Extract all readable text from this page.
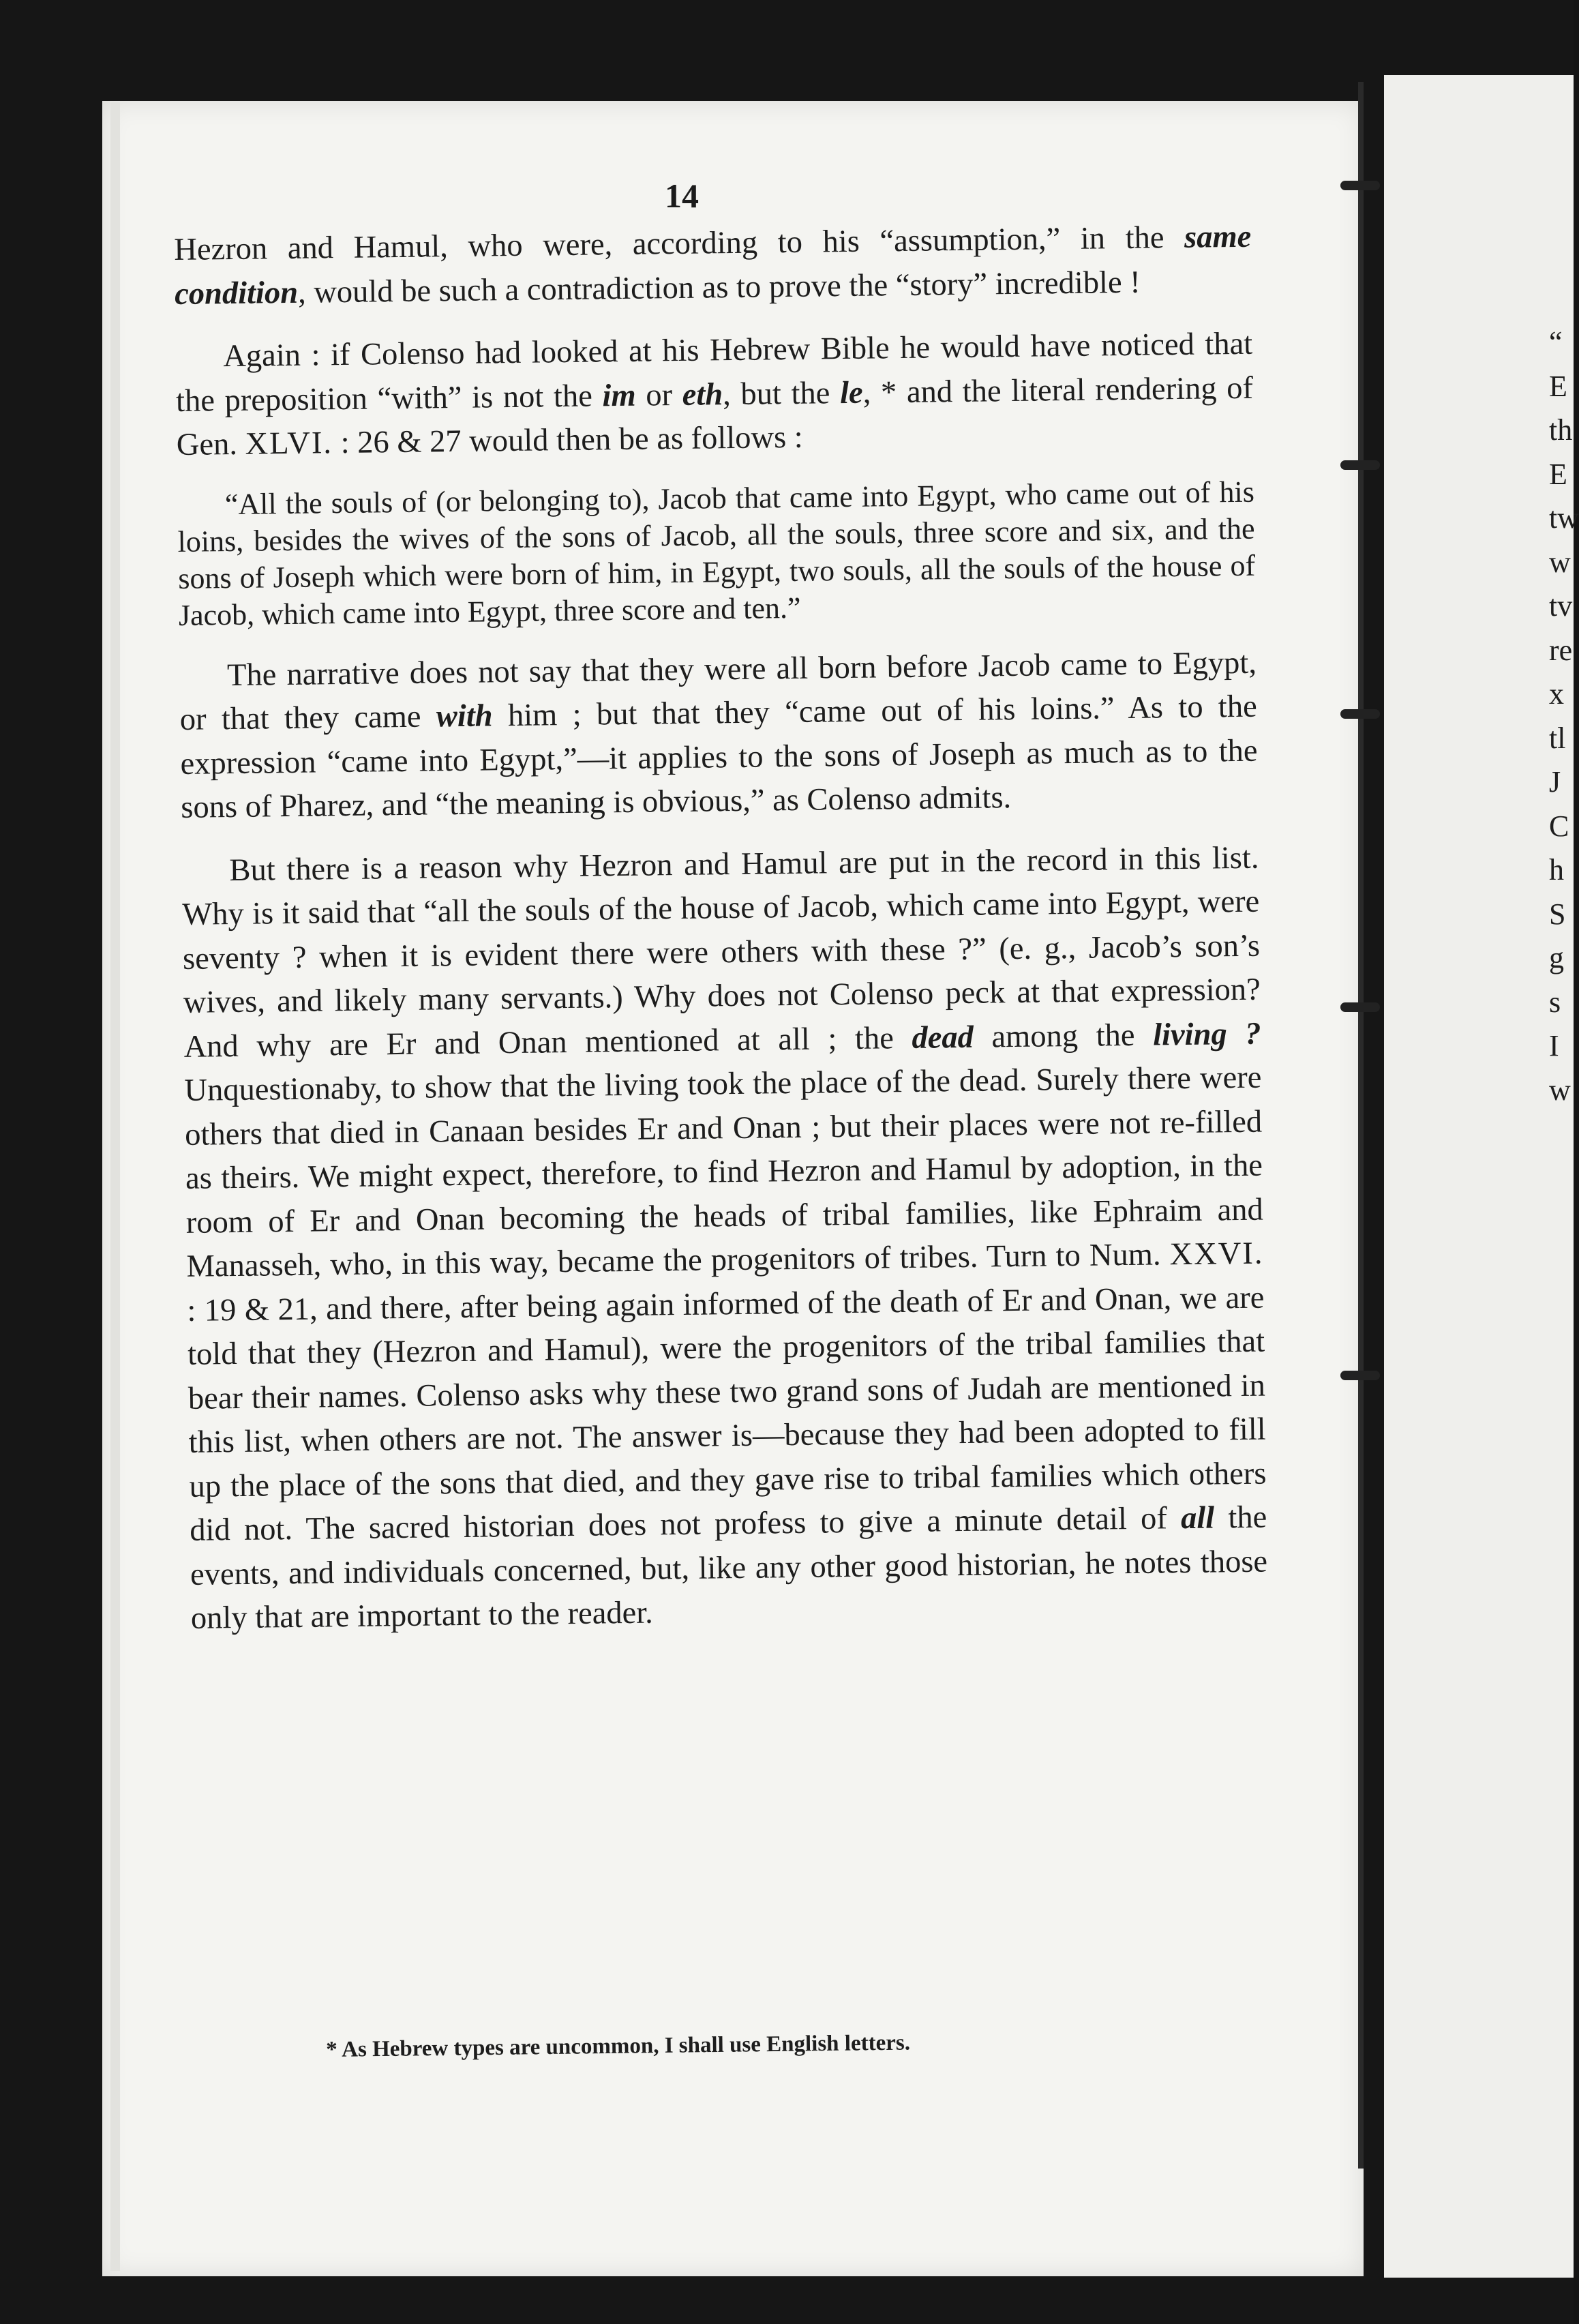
“
E
th
E
tw
w
tv
re
x
tl
J
C
h
S
g
s
I
w
14

Hezron and Hamul, who were, according to his “assumption,” in the same condition, would be such a contradiction as to prove the “story” incredible !

Again : if Colenso had looked at his Hebrew Bible he would have noticed that the preposition “with” is not the im or eth, but the le, * and the literal rendering of Gen. XLVI. : 26 & 27 would then be as follows :

“All the souls of (or belonging to), Jacob that came into Egypt, who came out of his loins, besides the wives of the sons of Jacob, all the souls, three score and six, and the sons of Joseph which were born of him, in Egypt, two souls, all the souls of the house of Jacob, which came into Egypt, three score and ten.”

The narrative does not say that they were all born before Jacob came to Egypt, or that they came with him ; but that they “came out of his loins.” As to the expression “came into Egypt,”—it applies to the sons of Joseph as much as to the sons of Pharez, and “the meaning is obvious,” as Colenso admits.

But there is a reason why Hezron and Hamul are put in the record in this list. Why is it said that “all the souls of the house of Jacob, which came into Egypt, were seventy ? when it is evident there were others with these ?” (e. g., Jacob’s son’s wives, and likely many servants.) Why does not Colenso peck at that expression? And why are Er and Onan mentioned at all ; the dead among the living ? Unquestionaby, to show that the living took the place of the dead. Surely there were others that died in Canaan besides Er and Onan ; but their places were not re-filled as theirs. We might expect, therefore, to find Hezron and Hamul by adoption, in the room of Er and Onan becoming the heads of tribal families, like Ephraim and Manasseh, who, in this way, became the progenitors of tribes. Turn to Num. XXVI. : 19 & 21, and there, after being again informed of the death of Er and Onan, we are told that they (Hezron and Hamul), were the progenitors of the tribal families that bear their names. Colenso asks why these two grand sons of Judah are mentioned in this list, when others are not. The answer is—because they had been adopted to fill up the place of the sons that died, and they gave rise to tribal families which others did not. The sacred historian does not profess to give a minute detail of all the events, and individuals concerned, but, like any other good historian, he notes those only that are important to the reader.

* As Hebrew types are uncommon, I shall use English letters.
